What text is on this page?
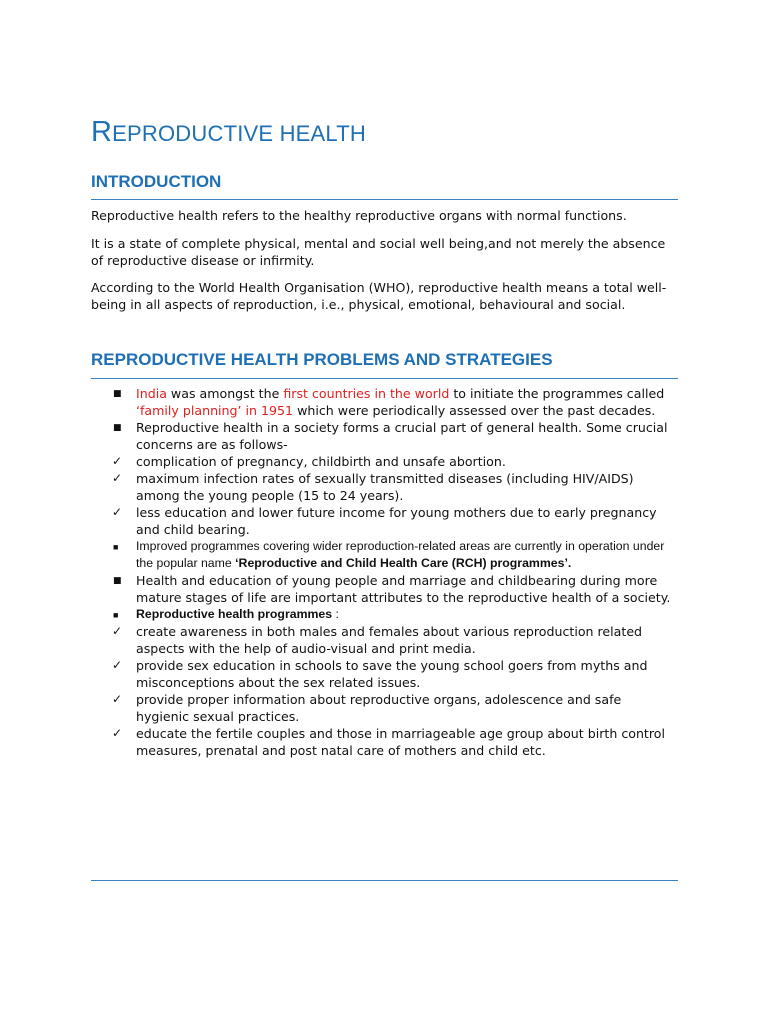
REPRODUCTIVE HEALTH
INTRODUCTION

Reproductive health refers to the healthy reproductive organs with normal functions.

It is a state of complete physical, mental and social well being,and not merely the absence of reproductive disease or infirmity.

According to the World Health Organisation (WHO), reproductive health means a total well-being in all aspects of reproduction, i.e., physical, emotional, behavioural and social.

REPRODUCTIVE HEALTH PROBLEMS AND STRATEGIES
■	India was amongst the first countries in the world to initiate the programmes called ‘family planning’ in 1951 which were periodically assessed over the past decades.
■	Reproductive health in a society forms a crucial part of general health. Some crucial concerns are as follows-
✓	complication of pregnancy, childbirth and unsafe abortion.
✓	maximum infection rates of sexually transmitted diseases (including HIV/AIDS) among the young people (15 to 24 years).
✓	less education and lower future income for young mothers due to early pregnancy and child bearing.
■	Improved programmes covering wider reproduction-related areas are currently in operation under the popular name ‘Reproductive and Child Health Care (RCH) programmes’.
■	Health and education of young people and marriage and childbearing during more mature stages of life are important attributes to the reproductive health of a society.
■	Reproductive health programmes :
✓	create awareness in both males and females about various reproduction related aspects with the help of audio-visual and print media.
✓	provide sex education in schools to save the young school goers from myths and misconceptions about the sex related issues.
✓	provide proper information about reproductive organs, adolescence and safe hygienic sexual practices.
✓	educate the fertile couples and those in marriageable age group about birth control measures, prenatal and post natal care of mothers and child etc.
